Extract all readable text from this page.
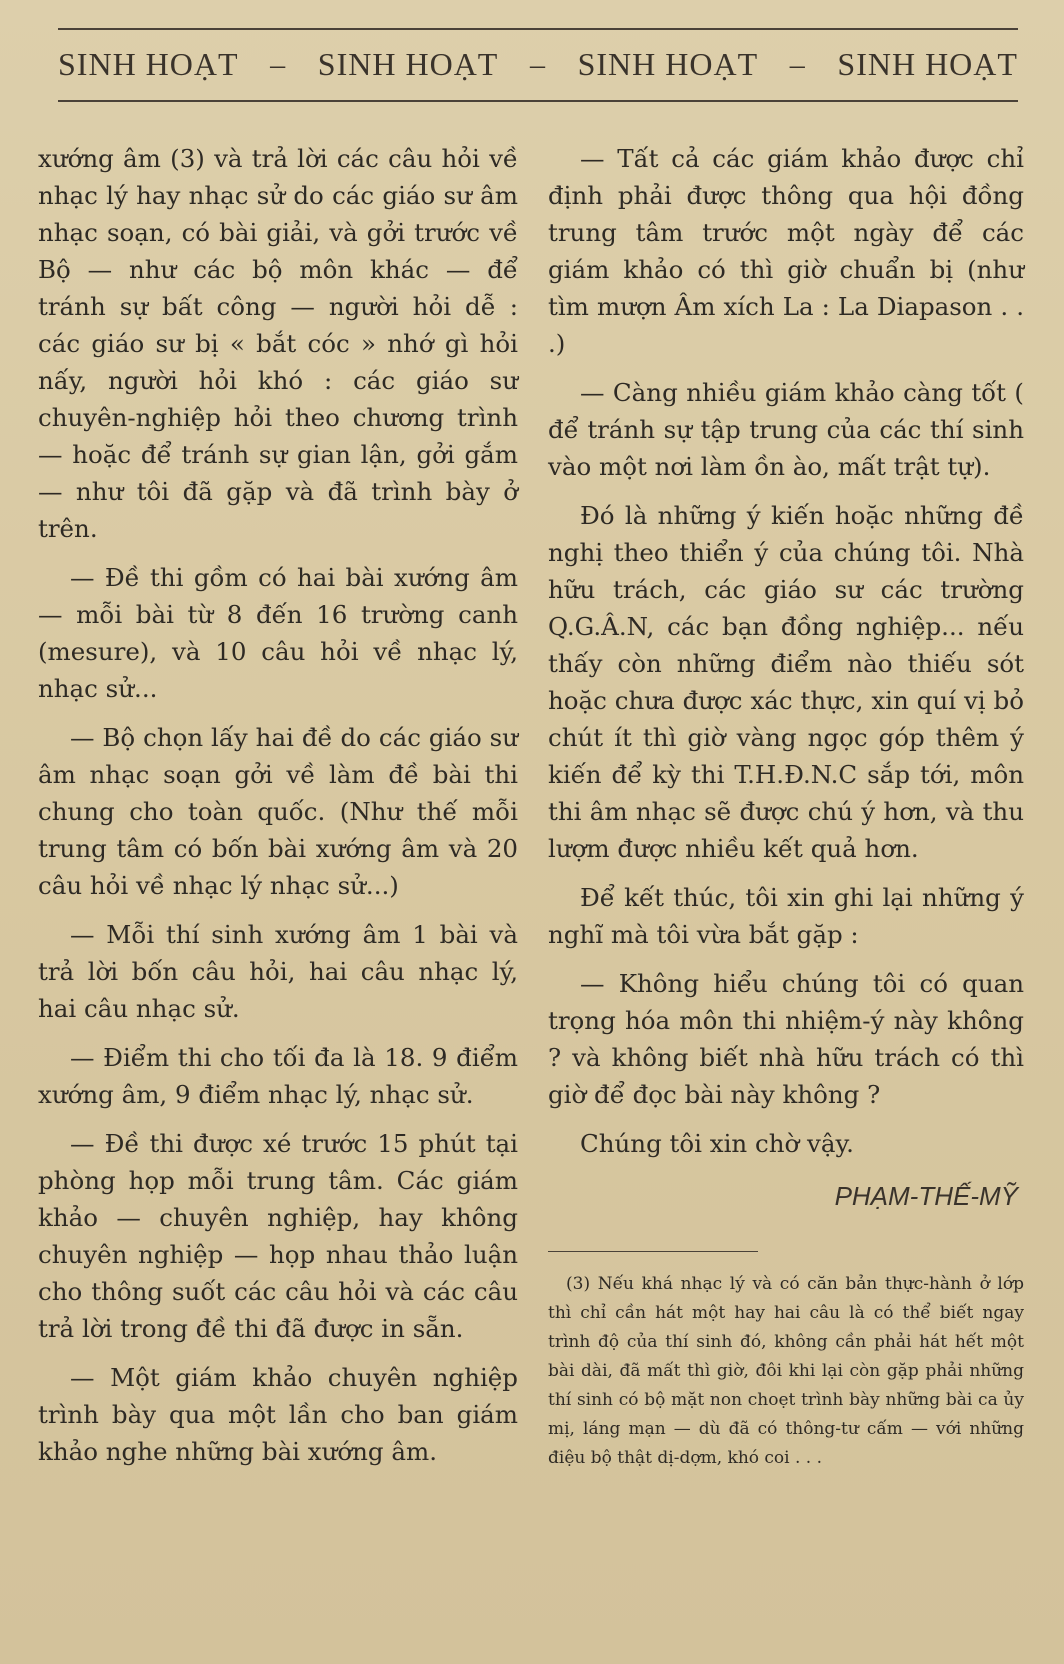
SINH HOẠT – SINH HOẠT – SINH HOẠT – SINH HOẠT

xướng âm (3) và trả lời các câu hỏi về nhạc lý hay nhạc sử do các giáo sư âm nhạc soạn, có bài giải, và gởi trước về Bộ — như các bộ môn khác — để tránh sự bất công — người hỏi dễ : các giáo sư bị « bắt cóc » nhớ gì hỏi nấy, người hỏi khó : các giáo sư chuyên-nghiệp hỏi theo chương trình — hoặc để tránh sự gian lận, gởi gắm — như tôi đã gặp và đã trình bày ở trên.

— Đề thi gồm có hai bài xướng âm — mỗi bài từ 8 đến 16 trường canh (mesure), và 10 câu hỏi về nhạc lý, nhạc sử...

— Bộ chọn lấy hai đề do các giáo sư âm nhạc soạn gởi về làm đề bài thi chung cho toàn quốc. (Như thế mỗi trung tâm có bốn bài xướng âm và 20 câu hỏi về nhạc lý nhạc sử...)

— Mỗi thí sinh xướng âm 1 bài và trả lời bốn câu hỏi, hai câu nhạc lý, hai câu nhạc sử.

— Điểm thi cho tối đa là 18. 9 điểm xướng âm, 9 điểm nhạc lý, nhạc sử.

— Đề thi được xé trước 15 phút tại phòng họp mỗi trung tâm. Các giám khảo — chuyên nghiệp, hay không chuyên nghiệp — họp nhau thảo luận cho thông suốt các câu hỏi và các câu trả lời trong đề thi đã được in sẵn.

— Một giám khảo chuyên nghiệp trình bày qua một lần cho ban giám khảo nghe những bài xướng âm.

— Tất cả các giám khảo được chỉ định phải được thông qua hội đồng trung tâm trước một ngày để các giám khảo có thì giờ chuẩn bị (như tìm mượn Âm xích La : La Diapason . . .)

— Càng nhiều giám khảo càng tốt ( để tránh sự tập trung của các thí sinh vào một nơi làm ồn ào, mất trật tự).

Đó là những ý kiến hoặc những đề nghị theo thiển ý của chúng tôi. Nhà hữu trách, các giáo sư các trường Q.G.Â.N, các bạn đồng nghiệp... nếu thấy còn những điểm nào thiếu sót hoặc chưa được xác thực, xin quí vị bỏ chút ít thì giờ vàng ngọc góp thêm ý kiến để kỳ thi T.H.Đ.N.C sắp tới, môn thi âm nhạc sẽ được chú ý hơn, và thu lượm được nhiều kết quả hơn.

Để kết thúc, tôi xin ghi lại những ý nghĩ mà tôi vừa bắt gặp :

— Không hiểu chúng tôi có quan trọng hóa môn thi nhiệm-ý này không ? và không biết nhà hữu trách có thì giờ để đọc bài này không ?

Chúng tôi xin chờ vậy.

PHẠM-THẾ-MỸ
(3) Nếu khá nhạc lý và có căn bản thực-hành ở lớp thì chỉ cần hát một hay hai câu là có thể biết ngay trình độ của thí sinh đó, không cần phải hát hết một bài dài, đã mất thì giờ, đôi khi lại còn gặp phải những thí sinh có bộ mặt non choẹt trình bày những bài ca ủy mị, láng mạn — dù đã có thông-tư cấm — với những điệu bộ thật dị-dợm, khó coi . . .
